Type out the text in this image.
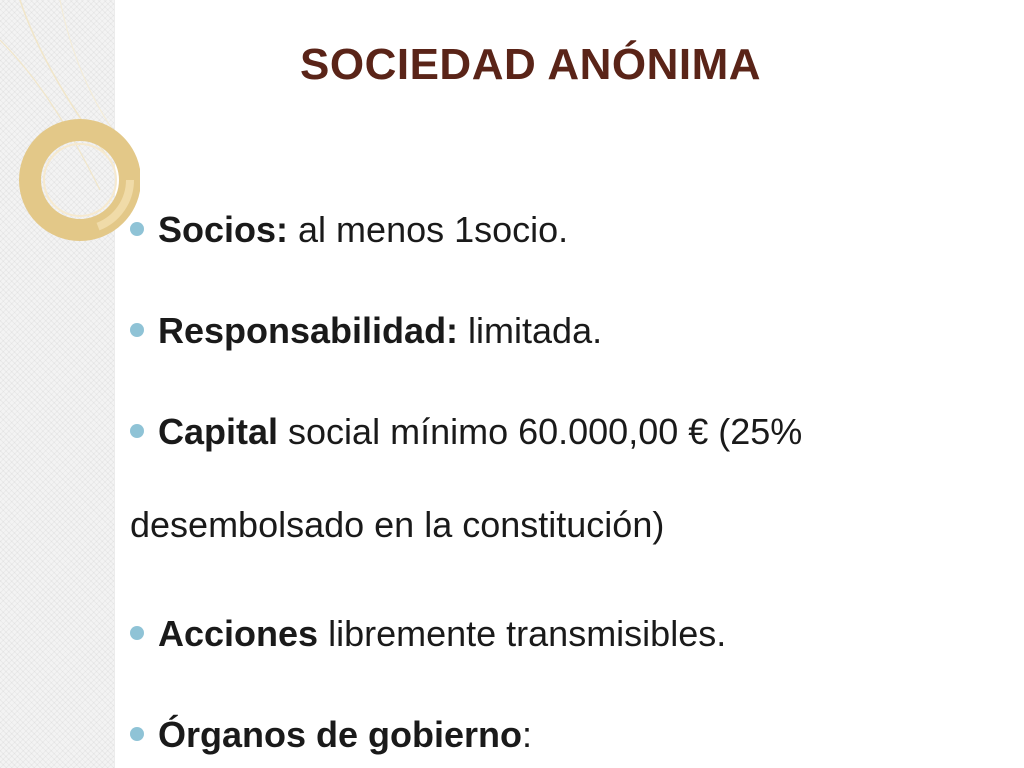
SOCIEDAD ANÓNIMA
Socios: al menos 1socio.
Responsabilidad: limitada.
Capital social mínimo 60.000,00 € (25%
desembolsado en la constitución)
Acciones libremente transmisibles.
Órganos de gobierno:
